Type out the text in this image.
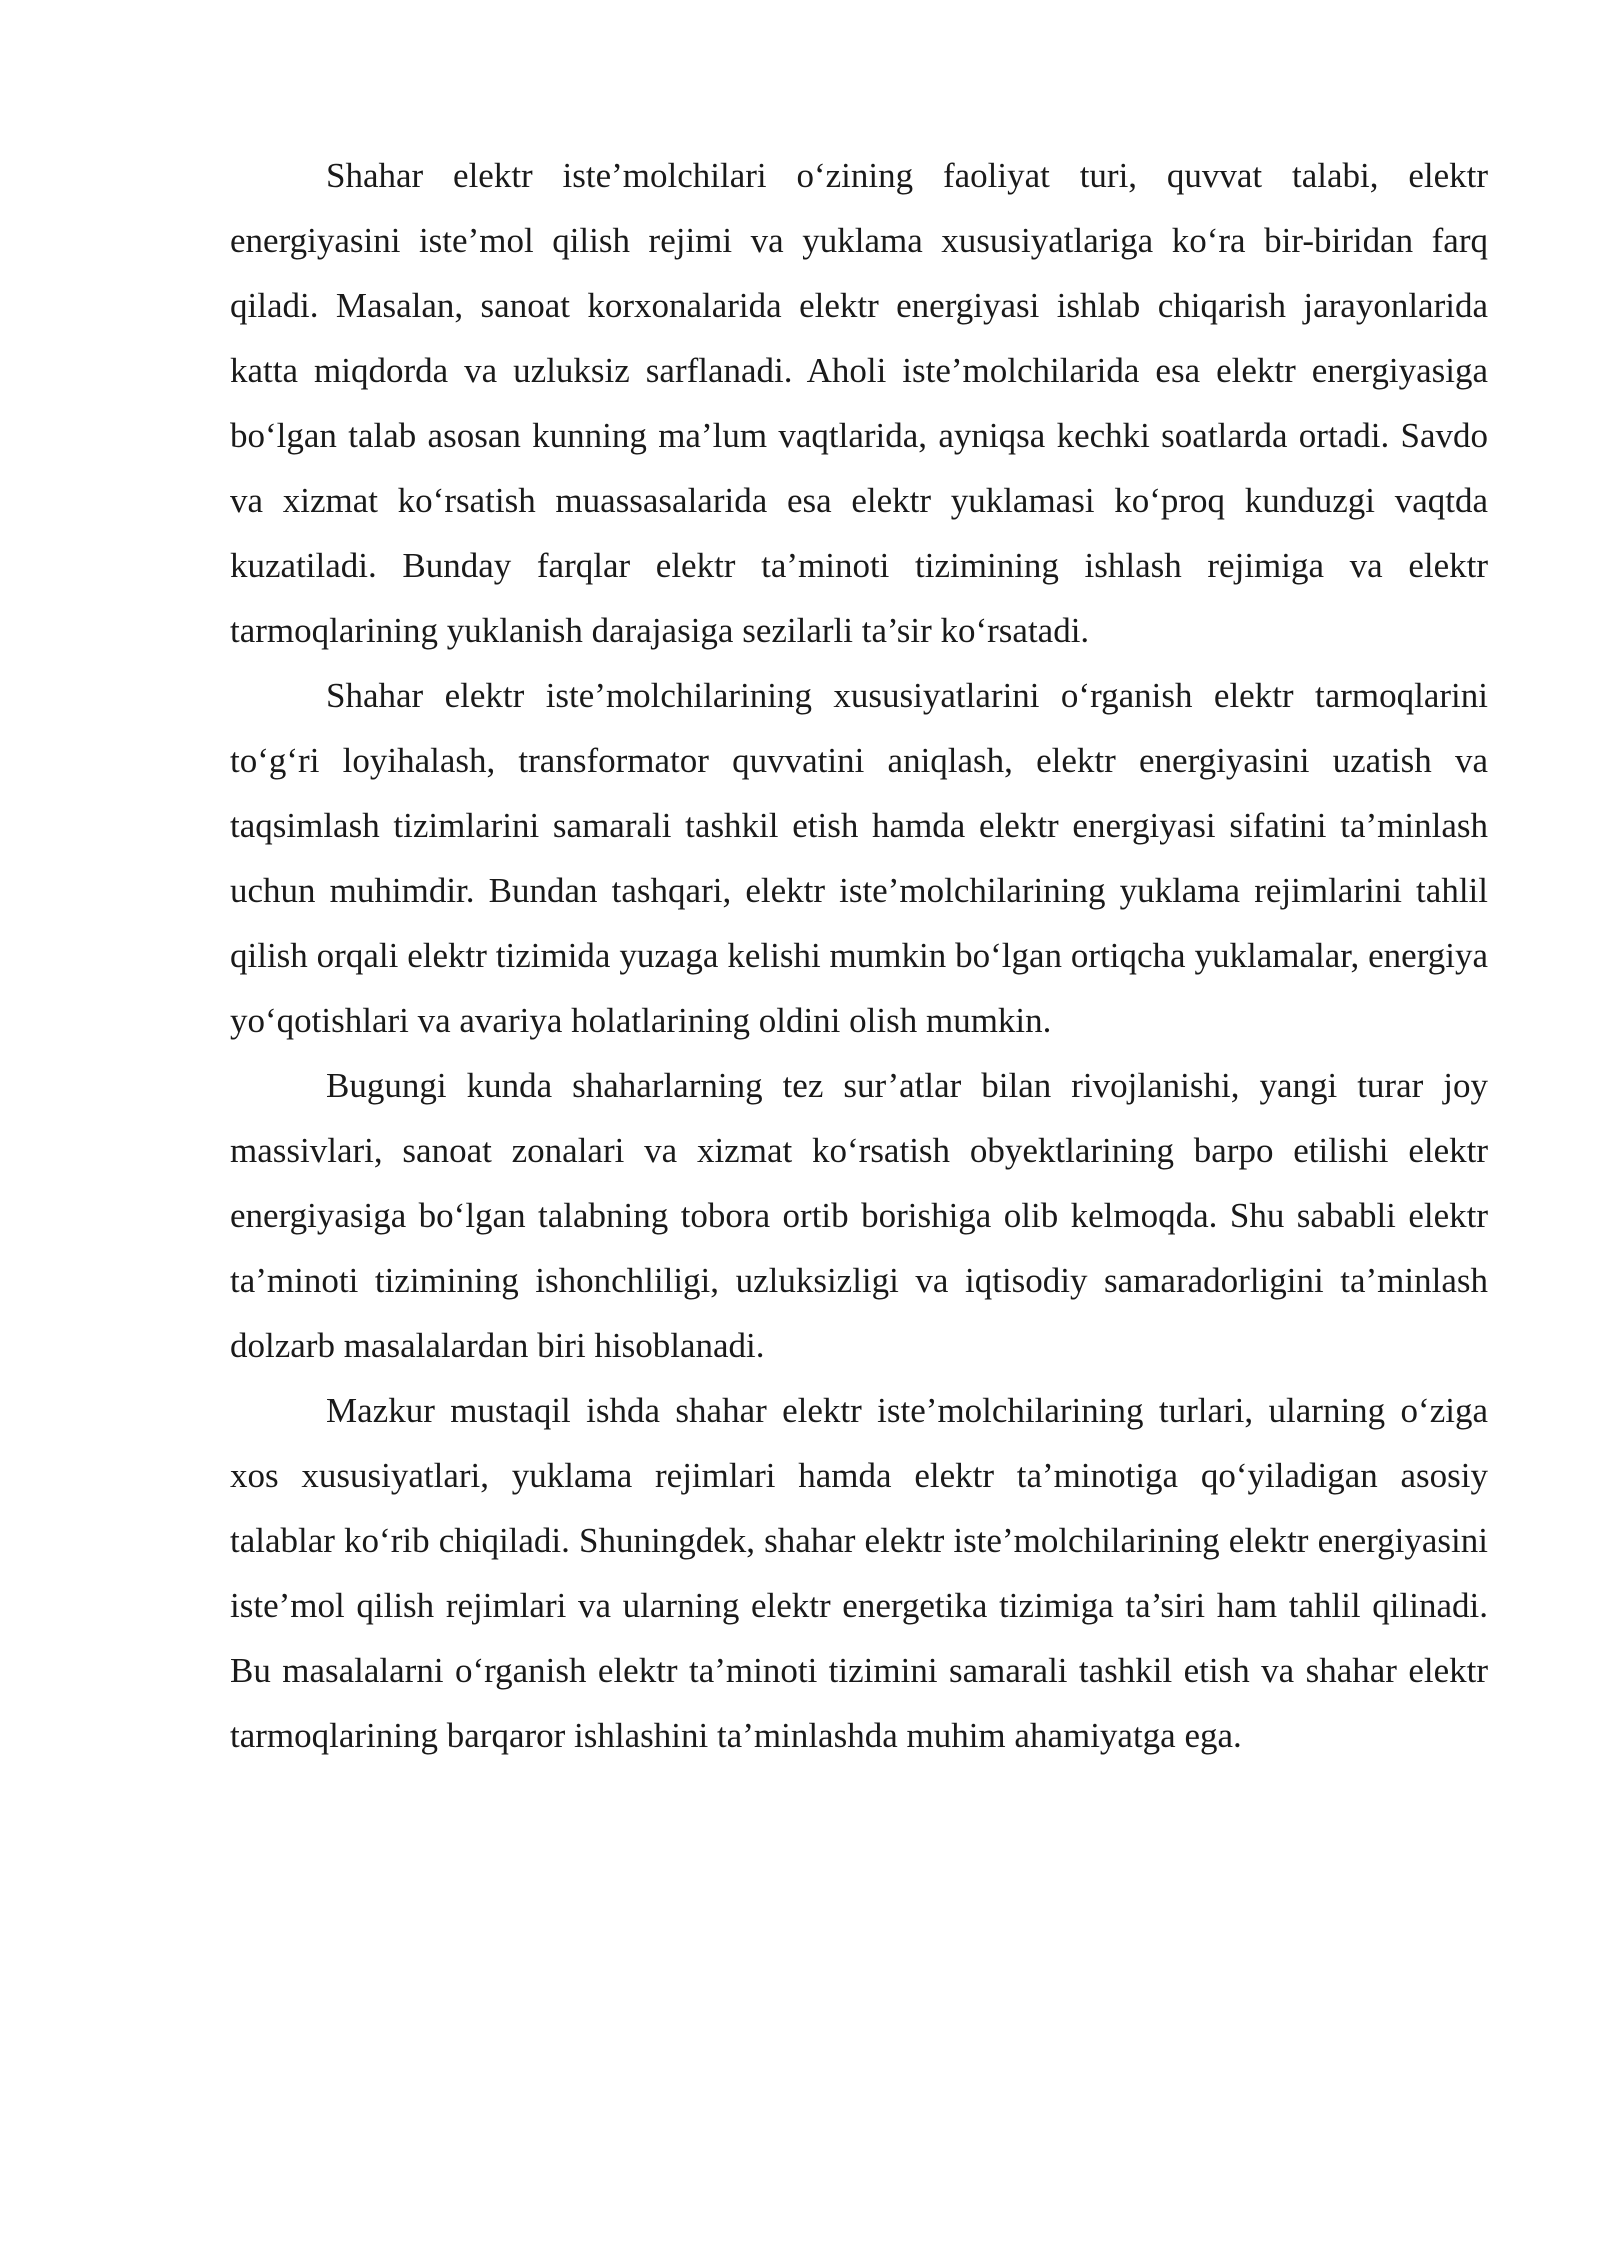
Shahar elektr iste’molchilari o‘zining faoliyat turi, quvvat talabi, elektr energiyasini iste’mol qilish rejimi va yuklama xususiyatlariga ko‘ra bir-biridan farq qiladi. Masalan, sanoat korxonalarida elektr energiyasi ishlab chiqarish jarayonlarida katta miqdorda va uzluksiz sarflanadi. Aholi iste’molchilarida esa elektr energiyasiga bo‘lgan talab asosan kunning ma’lum vaqtlarida, ayniqsa kechki soatlarda ortadi. Savdo va xizmat ko‘rsatish muassasalarida esa elektr yuklamasi ko‘proq kunduzgi vaqtda kuzatiladi. Bunday farqlar elektr ta’minoti tizimining ishlash rejimiga va elektr tarmoqlarining yuklanish darajasiga sezilarli ta’sir ko‘rsatadi.

Shahar elektr iste’molchilarining xususiyatlarini o‘rganish elektr tarmoqlarini to‘g‘ri loyihalash, transformator quvvatini aniqlash, elektr energiyasini uzatish va taqsimlash tizimlarini samarali tashkil etish hamda elektr energiyasi sifatini ta’minlash uchun muhimdir. Bundan tashqari, elektr iste’molchilarining yuklama rejimlarini tahlil qilish orqali elektr tizimida yuzaga kelishi mumkin bo‘lgan ortiqcha yuklamalar, energiya yo‘qotishlari va avariya holatlarining oldini olish mumkin.

Bugungi kunda shaharlarning tez sur’atlar bilan rivojlanishi, yangi turar joy massivlari, sanoat zonalari va xizmat ko‘rsatish obyektlarining barpo etilishi elektr energiyasiga bo‘lgan talabning tobora ortib borishiga olib kelmoqda. Shu sababli elektr ta’minoti tizimining ishonchliligi, uzluksizligi va iqtisodiy samaradorligini ta’minlash dolzarb masalalardan biri hisoblanadi.

Mazkur mustaqil ishda shahar elektr iste’molchilarining turlari, ularning o‘ziga xos xususiyatlari, yuklama rejimlari hamda elektr ta’minotiga qo‘yiladigan asosiy talablar ko‘rib chiqiladi. Shuningdek, shahar elektr iste’molchilarining elektr energiyasini iste’mol qilish rejimlari va ularning elektr energetika tizimiga ta’siri ham tahlil qilinadi. Bu masalalarni o‘rganish elektr ta’minoti tizimini samarali tashkil etish va shahar elektr tarmoqlarining barqaror ishlashini ta’minlashda muhim ahamiyatga ega.
